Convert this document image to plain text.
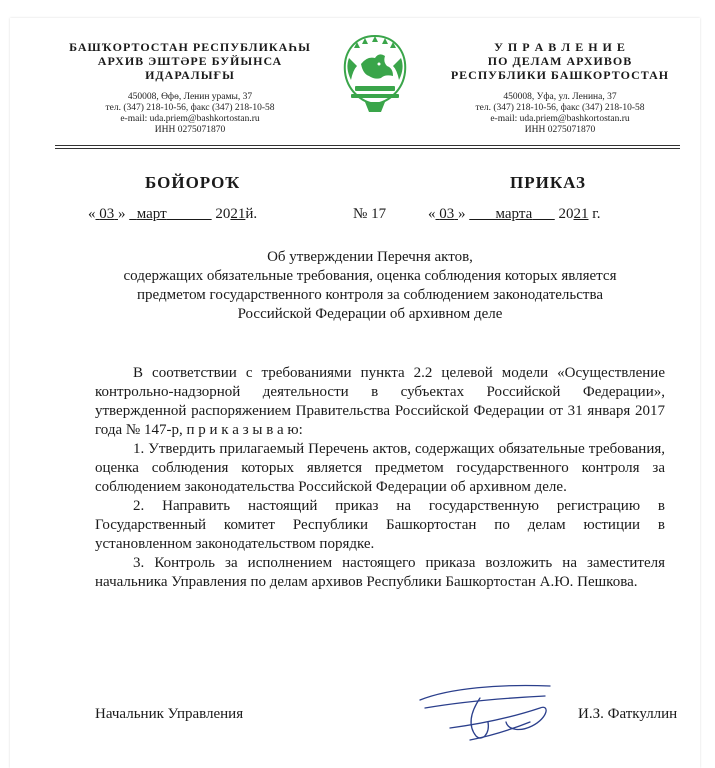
БАШҠОРТОСТАН РЕСПУБЛИКАҺЫ
АРХИВ ЭШТӘРЕ БУЙЫНСА
ИДАРАЛЫҒЫ
450008, Өфө, Ленин урамы, 37
тел. (347) 218-10-56, факс (347) 218-10-58
e-mail: uda.priem@bashkortostan.ru
ИНН 0275071870
У П Р А В Л Е Н И Е
ПО ДЕЛАМ АРХИВОВ
РЕСПУБЛИКИ БАШКОРТОСТАН
450008, Уфа, ул. Ленина, 37
тел. (347) 218-10-56, факс (347) 218-10-58
e-mail: uda.priem@bashkortostan.ru
ИНН 0275071870
БОЙОРОҠ	ПРИКАЗ
« 03 » март	2021й.	№ 17	« 03 » марта 2021 г.
Об утверждении Перечня актов,
содержащих обязательные требования, оценка соблюдения которых является
предметом государственного контроля за соблюдением законодательства
Российской Федерации об архивном деле

В соответствии с требованиями пункта 2.2 целевой модели «Осуществление контрольно-надзорной деятельности в субъектах Российской Федерации», утвержденной распоряжением Правительства Российской Федерации от 31 января 2017 года № 147-р, п р и к а з ы в а ю:

1. Утвердить прилагаемый Перечень актов, содержащих обязательные требования, оценка соблюдения которых является предметом государственного контроля за соблюдением законодательства Российской Федерации об архивном деле.

2. Направить настоящий приказ на государственную регистрацию в Государственный комитет Республики Башкортостан по делам юстиции в установленном законодательством порядке.

3. Контроль за исполнением настоящего приказа возложить на заместителя начальника Управления по делам архивов Республики Башкортостан А.Ю. Пешкова.

Начальник Управления	И.З. Фаткуллин
